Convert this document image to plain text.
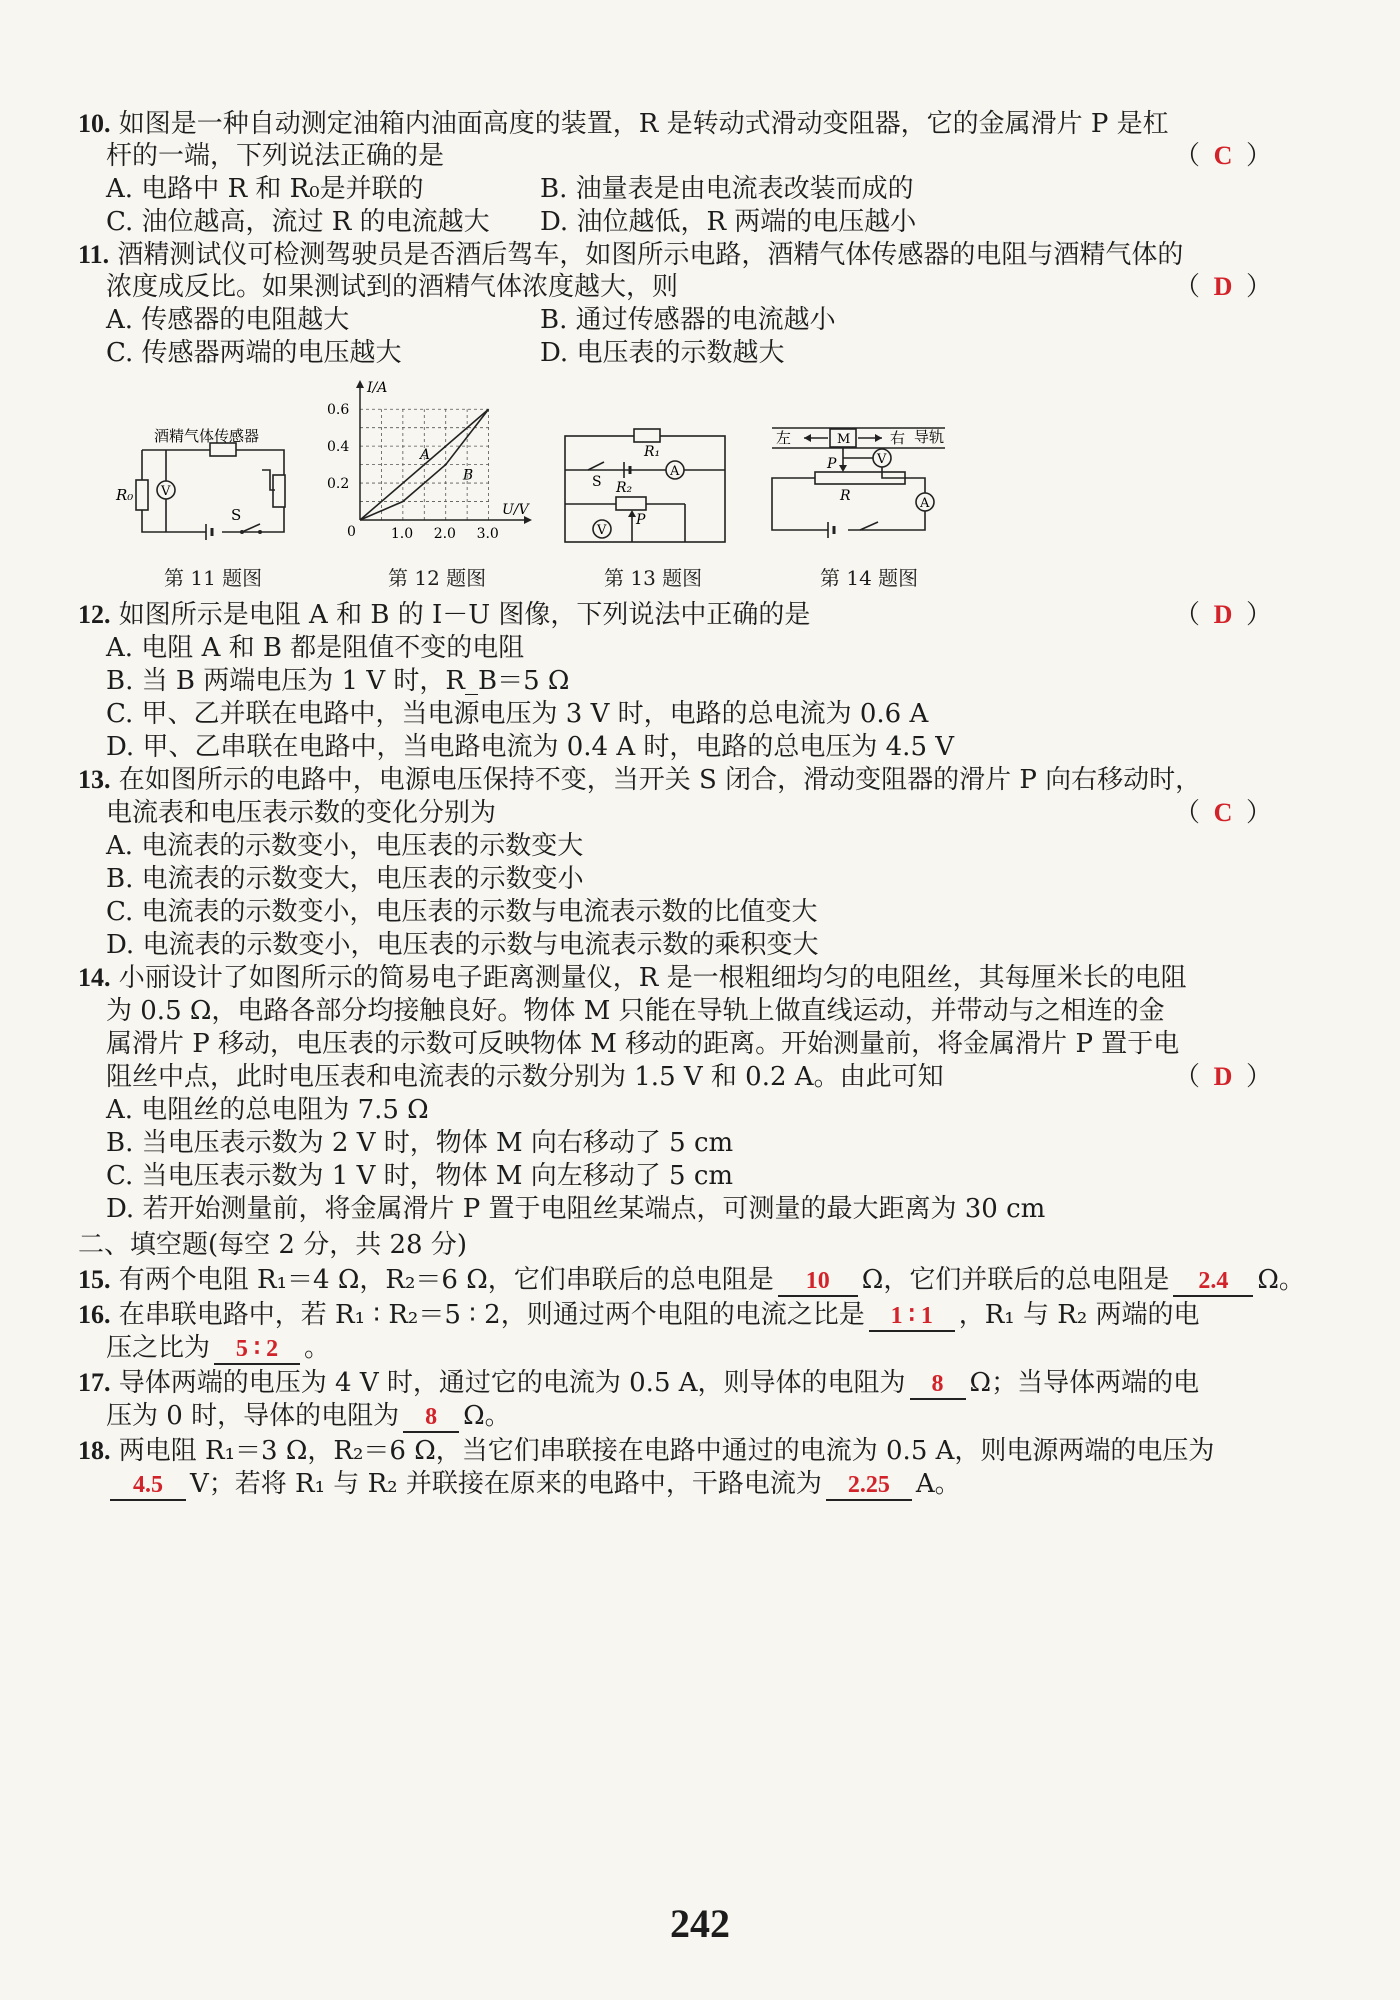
10. 如图是一种自动测定油箱内油面高度的装置，R 是转动式滑动变阻器，它的金属滑片 P 是杠
杆的一端，下列说法正确的是	（ C ）
A. 电路中 R 和 R₀是并联的	B. 油量表是由电流表改装而成的
C. 油位越高，流过 R 的电流越大 D. 油位越低，R 两端的电压越小
11. 酒精测试仪可检测驾驶员是否酒后驾车，如图所示电路，酒精气体传感器的电阻与酒精气体的
浓度成反比。如果测试到的酒精气体浓度越大，则	（ D ）
A. 传感器的电阻越大	B. 通过传感器的电流越小
C. 传感器两端的电压越大	D. 电压表的示数越大
酒精气体传感器
R₀ V
S
第 11 题图
0.2
0.4
0.6
1.0 2.0 3.0
0
I/A
U/V
A
B
第 12 题图
R₁
A
S R₂
V
P
第 13 题图
左	M	右 导轨
P	V
R	A
第 14 题图
12. 如图所示是电阻 A 和 B 的 I－U 图像，下列说法中正确的是	（ D ）
A. 电阻 A 和 B 都是阻值不变的电阻
B. 当 B 两端电压为 1 V 时，R_B＝5 Ω
C. 甲、乙并联在电路中，当电源电压为 3 V 时，电路的总电流为 0.6 A
D. 甲、乙串联在电路中，当电路电流为 0.4 A 时，电路的总电压为 4.5 V
13. 在如图所示的电路中，电源电压保持不变，当开关 S 闭合，滑动变阻器的滑片 P 向右移动时，
电流表和电压表示数的变化分别为	（ C ）
A. 电流表的示数变小，电压表的示数变大
B. 电流表的示数变大，电压表的示数变小
C. 电流表的示数变小，电压表的示数与电流表示数的比值变大
D. 电流表的示数变小，电压表的示数与电流表示数的乘积变大
14. 小丽设计了如图所示的简易电子距离测量仪，R 是一根粗细均匀的电阻丝，其每厘米长的电阻
为 0.5 Ω，电路各部分均接触良好。物体 M 只能在导轨上做直线运动，并带动与之相连的金
属滑片 P 移动，电压表的示数可反映物体 M 移动的距离。开始测量前，将金属滑片 P 置于电
阻丝中点，此时电压表和电流表的示数分别为 1.5 V 和 0.2 A。由此可知	（ D ）
A. 电阻丝的总电阻为 7.5 Ω
B. 当电压表示数为 2 V 时，物体 M 向右移动了 5 cm
C. 当电压表示数为 1 V 时，物体 M 向左移动了 5 cm
D. 若开始测量前，将金属滑片 P 置于电阻丝某端点，可测量的最大距离为 30 cm
二、填空题(每空 2 分，共 28 分)
15. 有两个电阻 R₁＝4 Ω，R₂＝6 Ω，它们串联后的总电阻是 10 Ω，它们并联后的总电阻是 2.4 Ω。
16. 在串联电路中，若 R₁ ∶ R₂＝5 ∶ 2，则通过两个电阻的电流之比是 1 ∶ 1 ，R₁ 与 R₂ 两端的电
压之比为 5 ∶ 2 。
17. 导体两端的电压为 4 V 时，通过它的电流为 0.5 A，则导体的电阻为 8 Ω；当导体两端的电
压为 0 时，导体的电阻为 8 Ω。
18. 两电阻 R₁＝3 Ω，R₂＝6 Ω，当它们串联接在电路中通过的电流为 0.5 A，则电源两端的电压为
4.5 V；若将 R₁ 与 R₂ 并联接在原来的电路中，干路电流为 2.25 A。
242
